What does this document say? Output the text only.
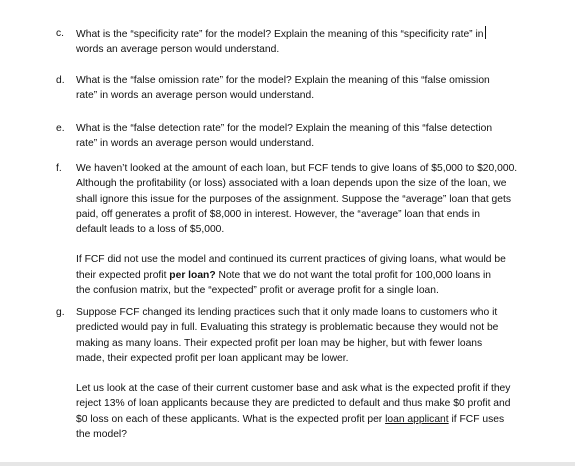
c. What is the “specificity rate” for the model? Explain the meaning of this “specificity rate” in

words an average person would understand.

d. What is the “false omission rate” for the model? Explain the meaning of this “false omission

rate” in words an average person would understand.

e. What is the “false detection rate” for the model? Explain the meaning of this “false detection

rate” in words an average person would understand.

f. We haven’t looked at the amount of each loan, but FCF tends to give loans of $5,000 to $20,000.

Although the profitability (or loss) associated with a loan depends upon the size of the loan, we

shall ignore this issue for the purposes of the assignment. Suppose the “average” loan that gets

paid, off generates a profit of $8,000 in interest. However, the “average” loan that ends in

default leads to a loss of $5,000.

If FCF did not use the model and continued its current practices of giving loans, what would be

their expected profit per loan? Note that we do not want the total profit for 100,000 loans in

the confusion matrix, but the “expected” profit or average profit for a single loan.

g. Suppose FCF changed its lending practices such that it only made loans to customers who it

predicted would pay in full. Evaluating this strategy is problematic because they would not be

making as many loans. Their expected profit per loan may be higher, but with fewer loans

made, their expected profit per loan applicant may be lower.

Let us look at the case of their current customer base and ask what is the expected profit if they

reject 13% of loan applicants because they are predicted to default and thus make $0 profit and

$0 loss on each of these applicants. What is the expected profit per loan applicant if FCF uses

the model?
